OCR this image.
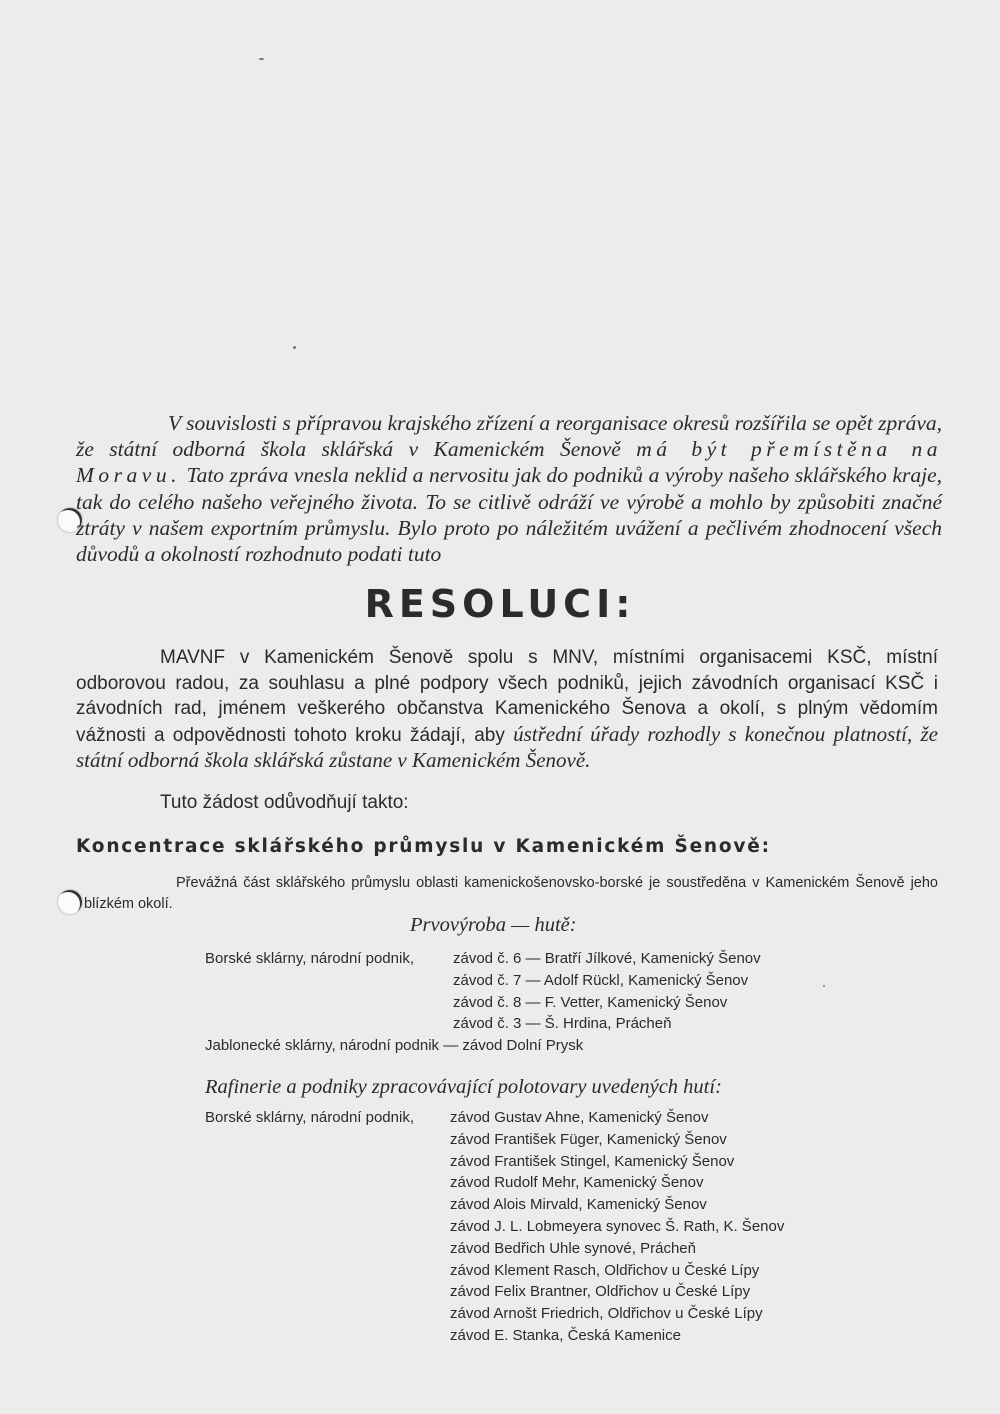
V souvislosti s přípravou krajského zřízení a reorganisace okresů rozšířila se opět zpráva, že státní odborná škola sklářská v Kamenickém Šenově má být přemístěna na Moravu. Tato zpráva vnesla neklid a nervositu jak do podniků a výroby našeho sklářského kraje, tak do celého našeho veřejného života. To se citlivě odráží ve výrobě a mohlo by způsobiti značné ztráty v našem exportním průmyslu. Bylo proto po náležitém uvážení a pečlivém zhodnocení všech důvodů a okolností rozhodnuto podati tuto

RESOLUCI:

MAVNF v Kamenickém Šenově spolu s MNV, místními organisacemi KSČ, místní odborovou radou, za souhlasu a plné podpory všech podniků, jejich závodních organisací KSČ i závodních rad, jménem veškerého občanstva Kamenického Šenova a okolí, s plným vědomím vážnosti a odpovědnosti tohoto kroku žádají, aby ústřední úřady rozhodly s konečnou platností, že státní odborná škola sklářská zůstane v Kamenickém Šenově.

Tuto žádost odůvodňují takto:
Koncentrace sklářského průmyslu v Kamenickém Šenově:

Převážná část sklářského průmyslu oblasti kamenickošenovsko-borské je soustředěna v Kamenickém Šenově jeho blízkém okolí.

Prvovýroba — hutě:
Borské sklárny, národní podnik,	závod č. 6 — Bratří Jílkové, Kamenický Šenov
závod č. 7 — Adolf Rückl, Kamenický Šenov
závod č. 8 — F. Vetter, Kamenický Šenov
závod č. 3 — Š. Hrdina, Prácheň
Jablonecké sklárny, národní podnik — závod Dolní Prysk
Rafinerie a podniky zpracovávající polotovary uvedených hutí:
Borské sklárny, národní podnik, závod Gustav Ahne, Kamenický Šenov
závod František Füger, Kamenický Šenov
závod František Stingel, Kamenický Šenov
závod Rudolf Mehr, Kamenický Šenov
závod Alois Mirvald, Kamenický Šenov
závod J. L. Lobmeyera synovec Š. Rath, K. Šenov
závod Bedřich Uhle synové, Prácheň
závod Klement Rasch, Oldřichov u České Lípy
závod Felix Brantner, Oldřichov u České Lípy
závod Arnošt Friedrich, Oldřichov u České Lípy
závod E. Stanka, Česká Kamenice
